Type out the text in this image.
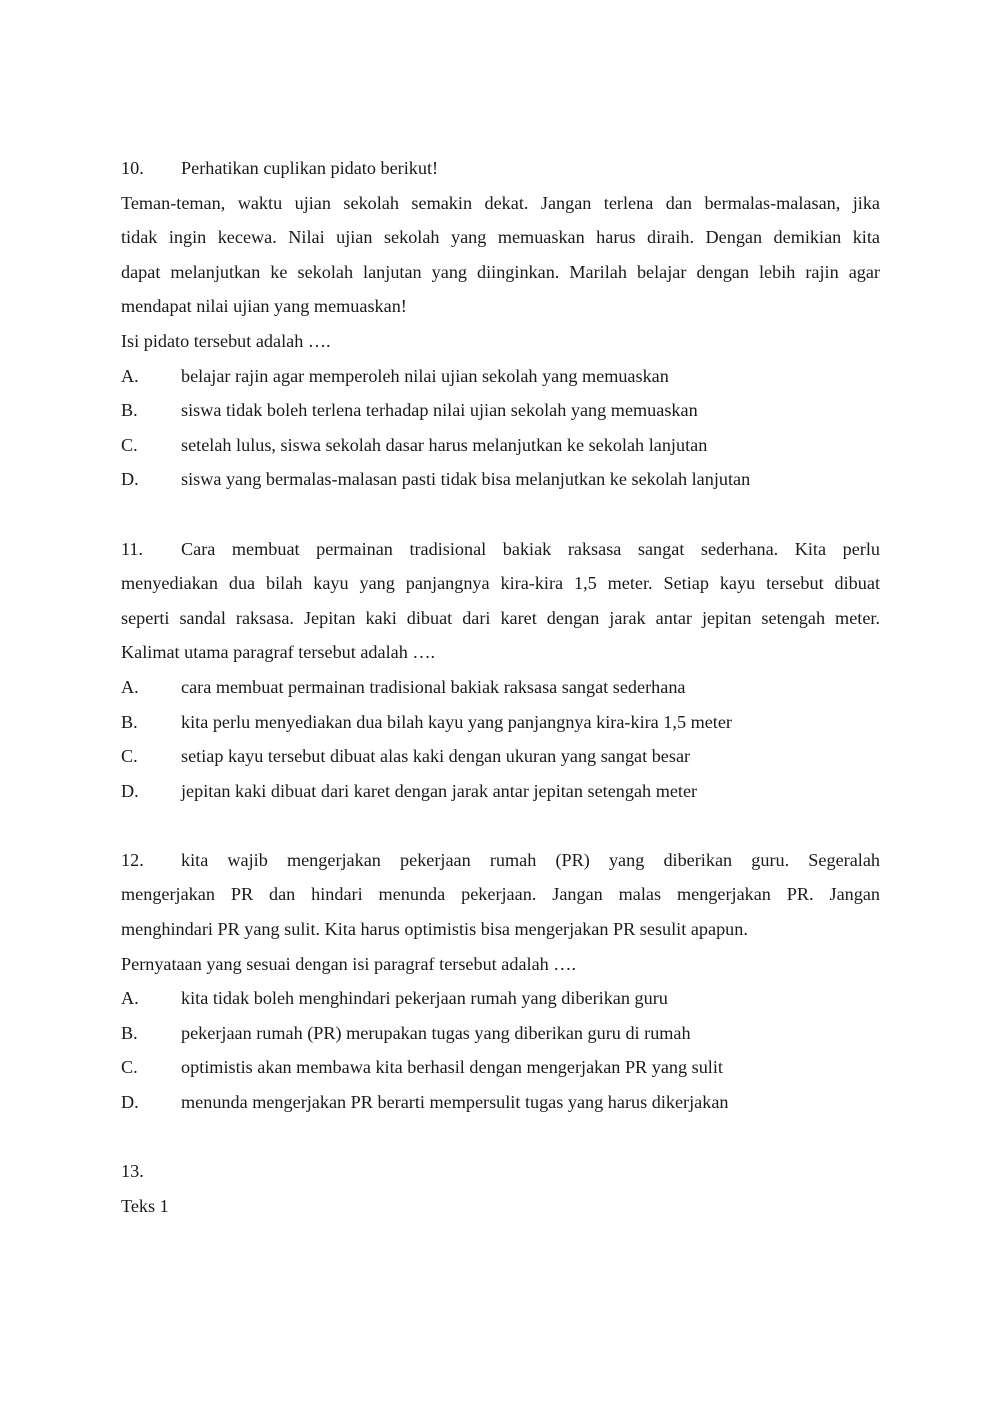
10. Perhatikan cuplikan pidato berikut!
Teman-teman, waktu ujian sekolah semakin dekat. Jangan terlena dan bermalas-malasan, jika
tidak ingin kecewa. Nilai ujian sekolah yang memuaskan harus diraih. Dengan demikian kita
dapat melanjutkan ke sekolah lanjutan yang diinginkan. Marilah belajar dengan lebih rajin agar
mendapat nilai ujian yang memuaskan!
Isi pidato tersebut adalah ….
A. belajar rajin agar memperoleh nilai ujian sekolah yang memuaskan
B. siswa tidak boleh terlena terhadap nilai ujian sekolah yang memuaskan
C. setelah lulus, siswa sekolah dasar harus melanjutkan ke sekolah lanjutan
D. siswa yang bermalas-malasan pasti tidak bisa melanjutkan ke sekolah lanjutan
11. Cara membuat permainan tradisional bakiak raksasa sangat sederhana. Kita perlu
menyediakan dua bilah kayu yang panjangnya kira-kira 1,5 meter. Setiap kayu tersebut dibuat
seperti sandal raksasa. Jepitan kaki dibuat dari karet dengan jarak antar jepitan setengah meter.
Kalimat utama paragraf tersebut adalah ….
A. cara membuat permainan tradisional bakiak raksasa sangat sederhana
B. kita perlu menyediakan dua bilah kayu yang panjangnya kira-kira 1,5 meter
C. setiap kayu tersebut dibuat alas kaki dengan ukuran yang sangat besar
D. jepitan kaki dibuat dari karet dengan jarak antar jepitan setengah meter
12. kita wajib mengerjakan pekerjaan rumah (PR) yang diberikan guru. Segeralah
mengerjakan PR dan hindari menunda pekerjaan. Jangan malas mengerjakan PR. Jangan
menghindari PR yang sulit. Kita harus optimistis bisa mengerjakan PR sesulit apapun.
Pernyataan yang sesuai dengan isi paragraf tersebut adalah ….
A. kita tidak boleh menghindari pekerjaan rumah yang diberikan guru
B. pekerjaan rumah (PR) merupakan tugas yang diberikan guru di rumah
C. optimistis akan membawa kita berhasil dengan mengerjakan PR yang sulit
D. menunda mengerjakan PR berarti mempersulit tugas yang harus dikerjakan
13.
Teks 1
